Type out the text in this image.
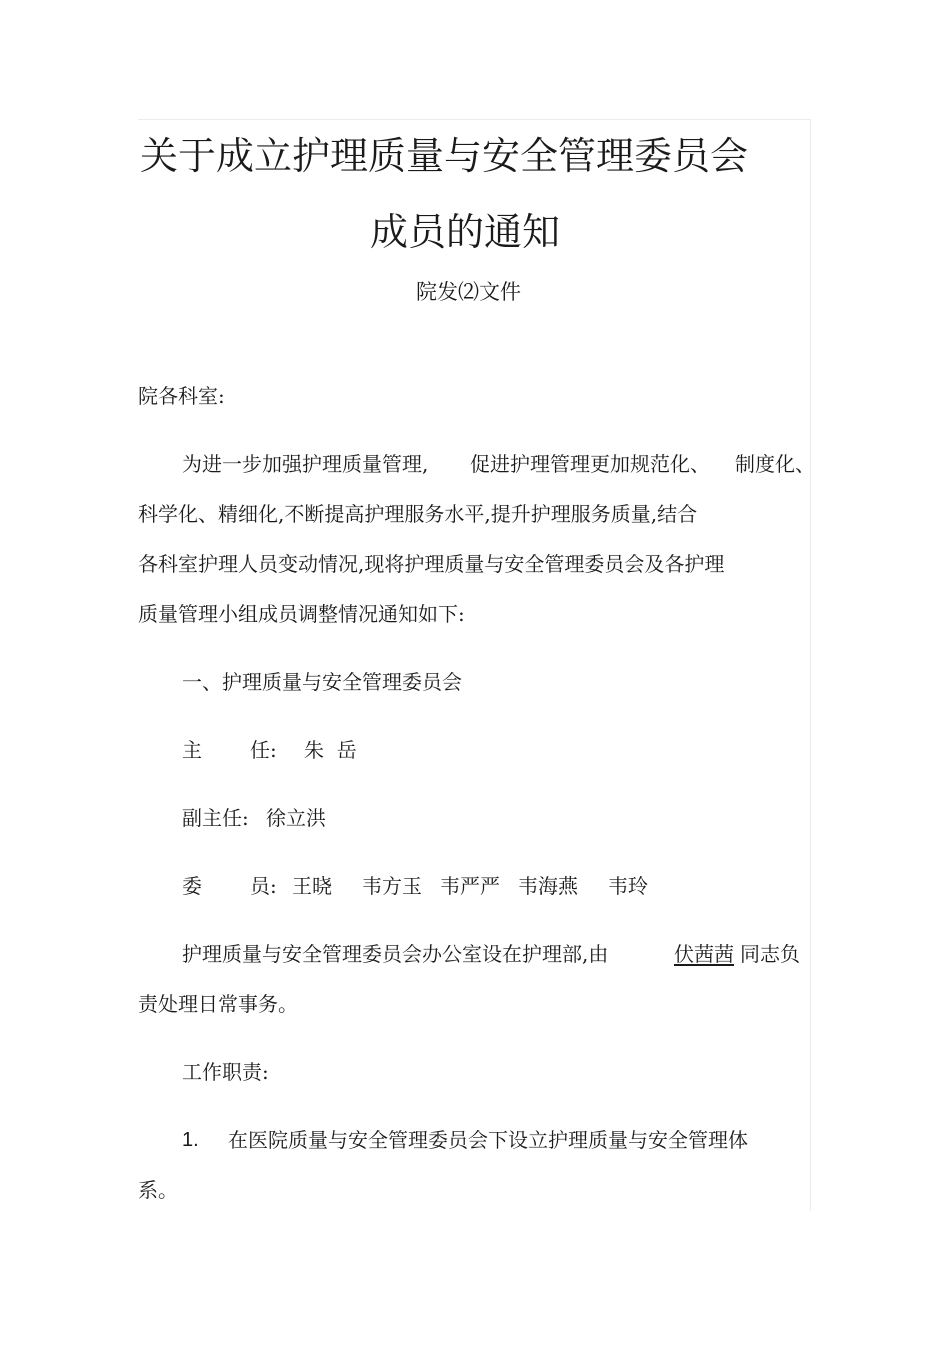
关于成立护理质量与安全管理委员会
成员的通知
院发⑵文件
院各科室:
为进一步加强护理质量管理, 促进护理管理更加规范化、 制度化、
科学化、精细化,不断提高护理服务水平,提升护理服务质量,结合
各科室护理人员变动情况,现将护理质量与安全管理委员会及各护理
质量管理小组成员调整情况通知如下:
一、护理质量与安全管理委员会
主 任: 朱  岳
副主任: 徐立洪
委 员: 王晓 韦方玉 韦严严 韦海燕 韦玲
护理质量与安全管理委员会办公室设在护理部,由	伏茜茜 同志负
责处理日常事务。
工作职责:
1. 在医院质量与安全管理委员会下设立护理质量与安全管理体
系。
